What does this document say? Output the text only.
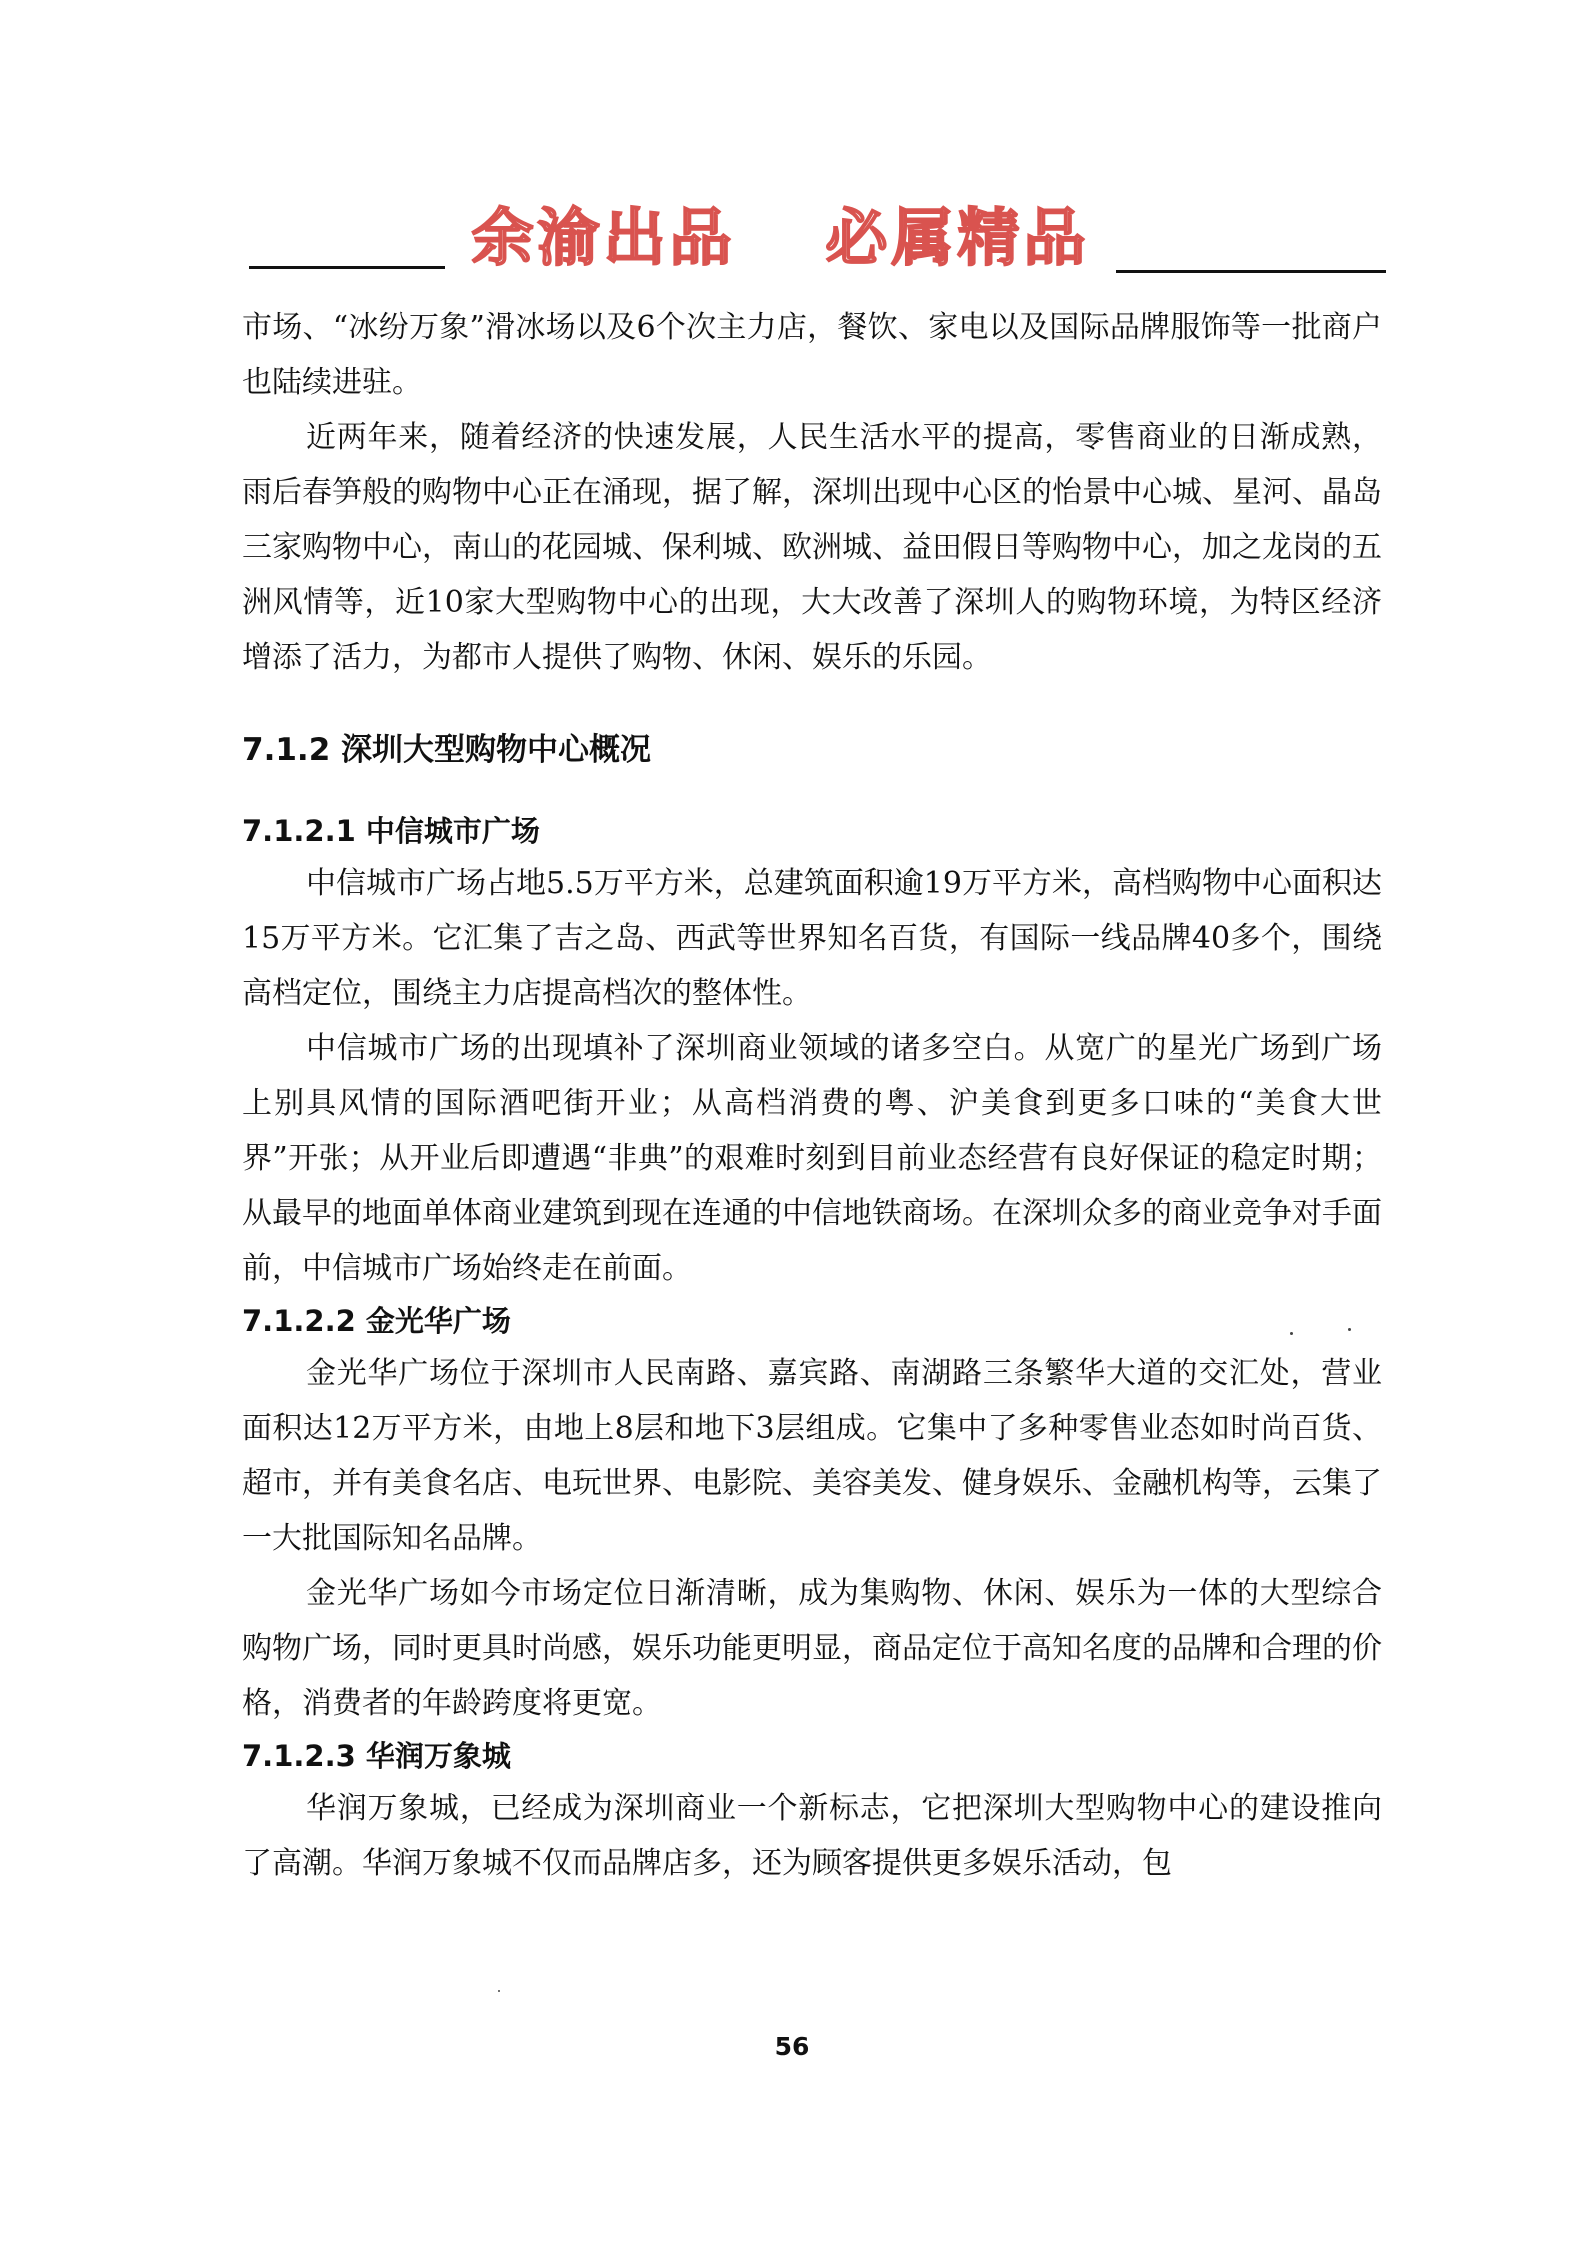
余渝出品 必属精品

市场、“冰纷万象”滑冰场以及6个次主力店，餐饮、家电以及国际品牌服饰等一批商户也陆续进驻。

近两年来，随着经济的快速发展，人民生活水平的提高，零售商业的日渐成熟，雨后春笋般的购物中心正在涌现，据了解，深圳出现中心区的怡景中心城、星河、晶岛三家购物中心，南山的花园城、保利城、欧洲城、益田假日等购物中心，加之龙岗的五洲风情等，近10家大型购物中心的出现，大大改善了深圳人的购物环境，为特区经济增添了活力，为都市人提供了购物、休闲、娱乐的乐园。

7.1.2 深圳大型购物中心概况
7.1.2.1 中信城市广场

中信城市广场占地5.5万平方米，总建筑面积逾19万平方米，高档购物中心面积达15万平方米。它汇集了吉之岛、西武等世界知名百货，有国际一线品牌40多个，围绕高档定位，围绕主力店提高档次的整体性。

中信城市广场的出现填补了深圳商业领域的诸多空白。从宽广的星光广场到广场上别具风情的国际酒吧街开业；从高档消费的粤、沪美食到更多口味的“美食大世界”开张；从开业后即遭遇“非典”的艰难时刻到目前业态经营有良好保证的稳定时期；从最早的地面单体商业建筑到现在连通的中信地铁商场。在深圳众多的商业竞争对手面前，中信城市广场始终走在前面。

7.1.2.2 金光华广场

金光华广场位于深圳市人民南路、嘉宾路、南湖路三条繁华大道的交汇处，营业面积达12万平方米，由地上8层和地下3层组成。它集中了多种零售业态如时尚百货、超市，并有美食名店、电玩世界、电影院、美容美发、健身娱乐、金融机构等，云集了一大批国际知名品牌。

金光华广场如今市场定位日渐清晰，成为集购物、休闲、娱乐为一体的大型综合购物广场，同时更具时尚感，娱乐功能更明显，商品定位于高知名度的品牌和合理的价格，消费者的年龄跨度将更宽。

7.1.2.3 华润万象城

华润万象城，已经成为深圳商业一个新标志，它把深圳大型购物中心的建设推向了高潮。华润万象城不仅而品牌店多，还为顾客提供更多娱乐活动，包

56
